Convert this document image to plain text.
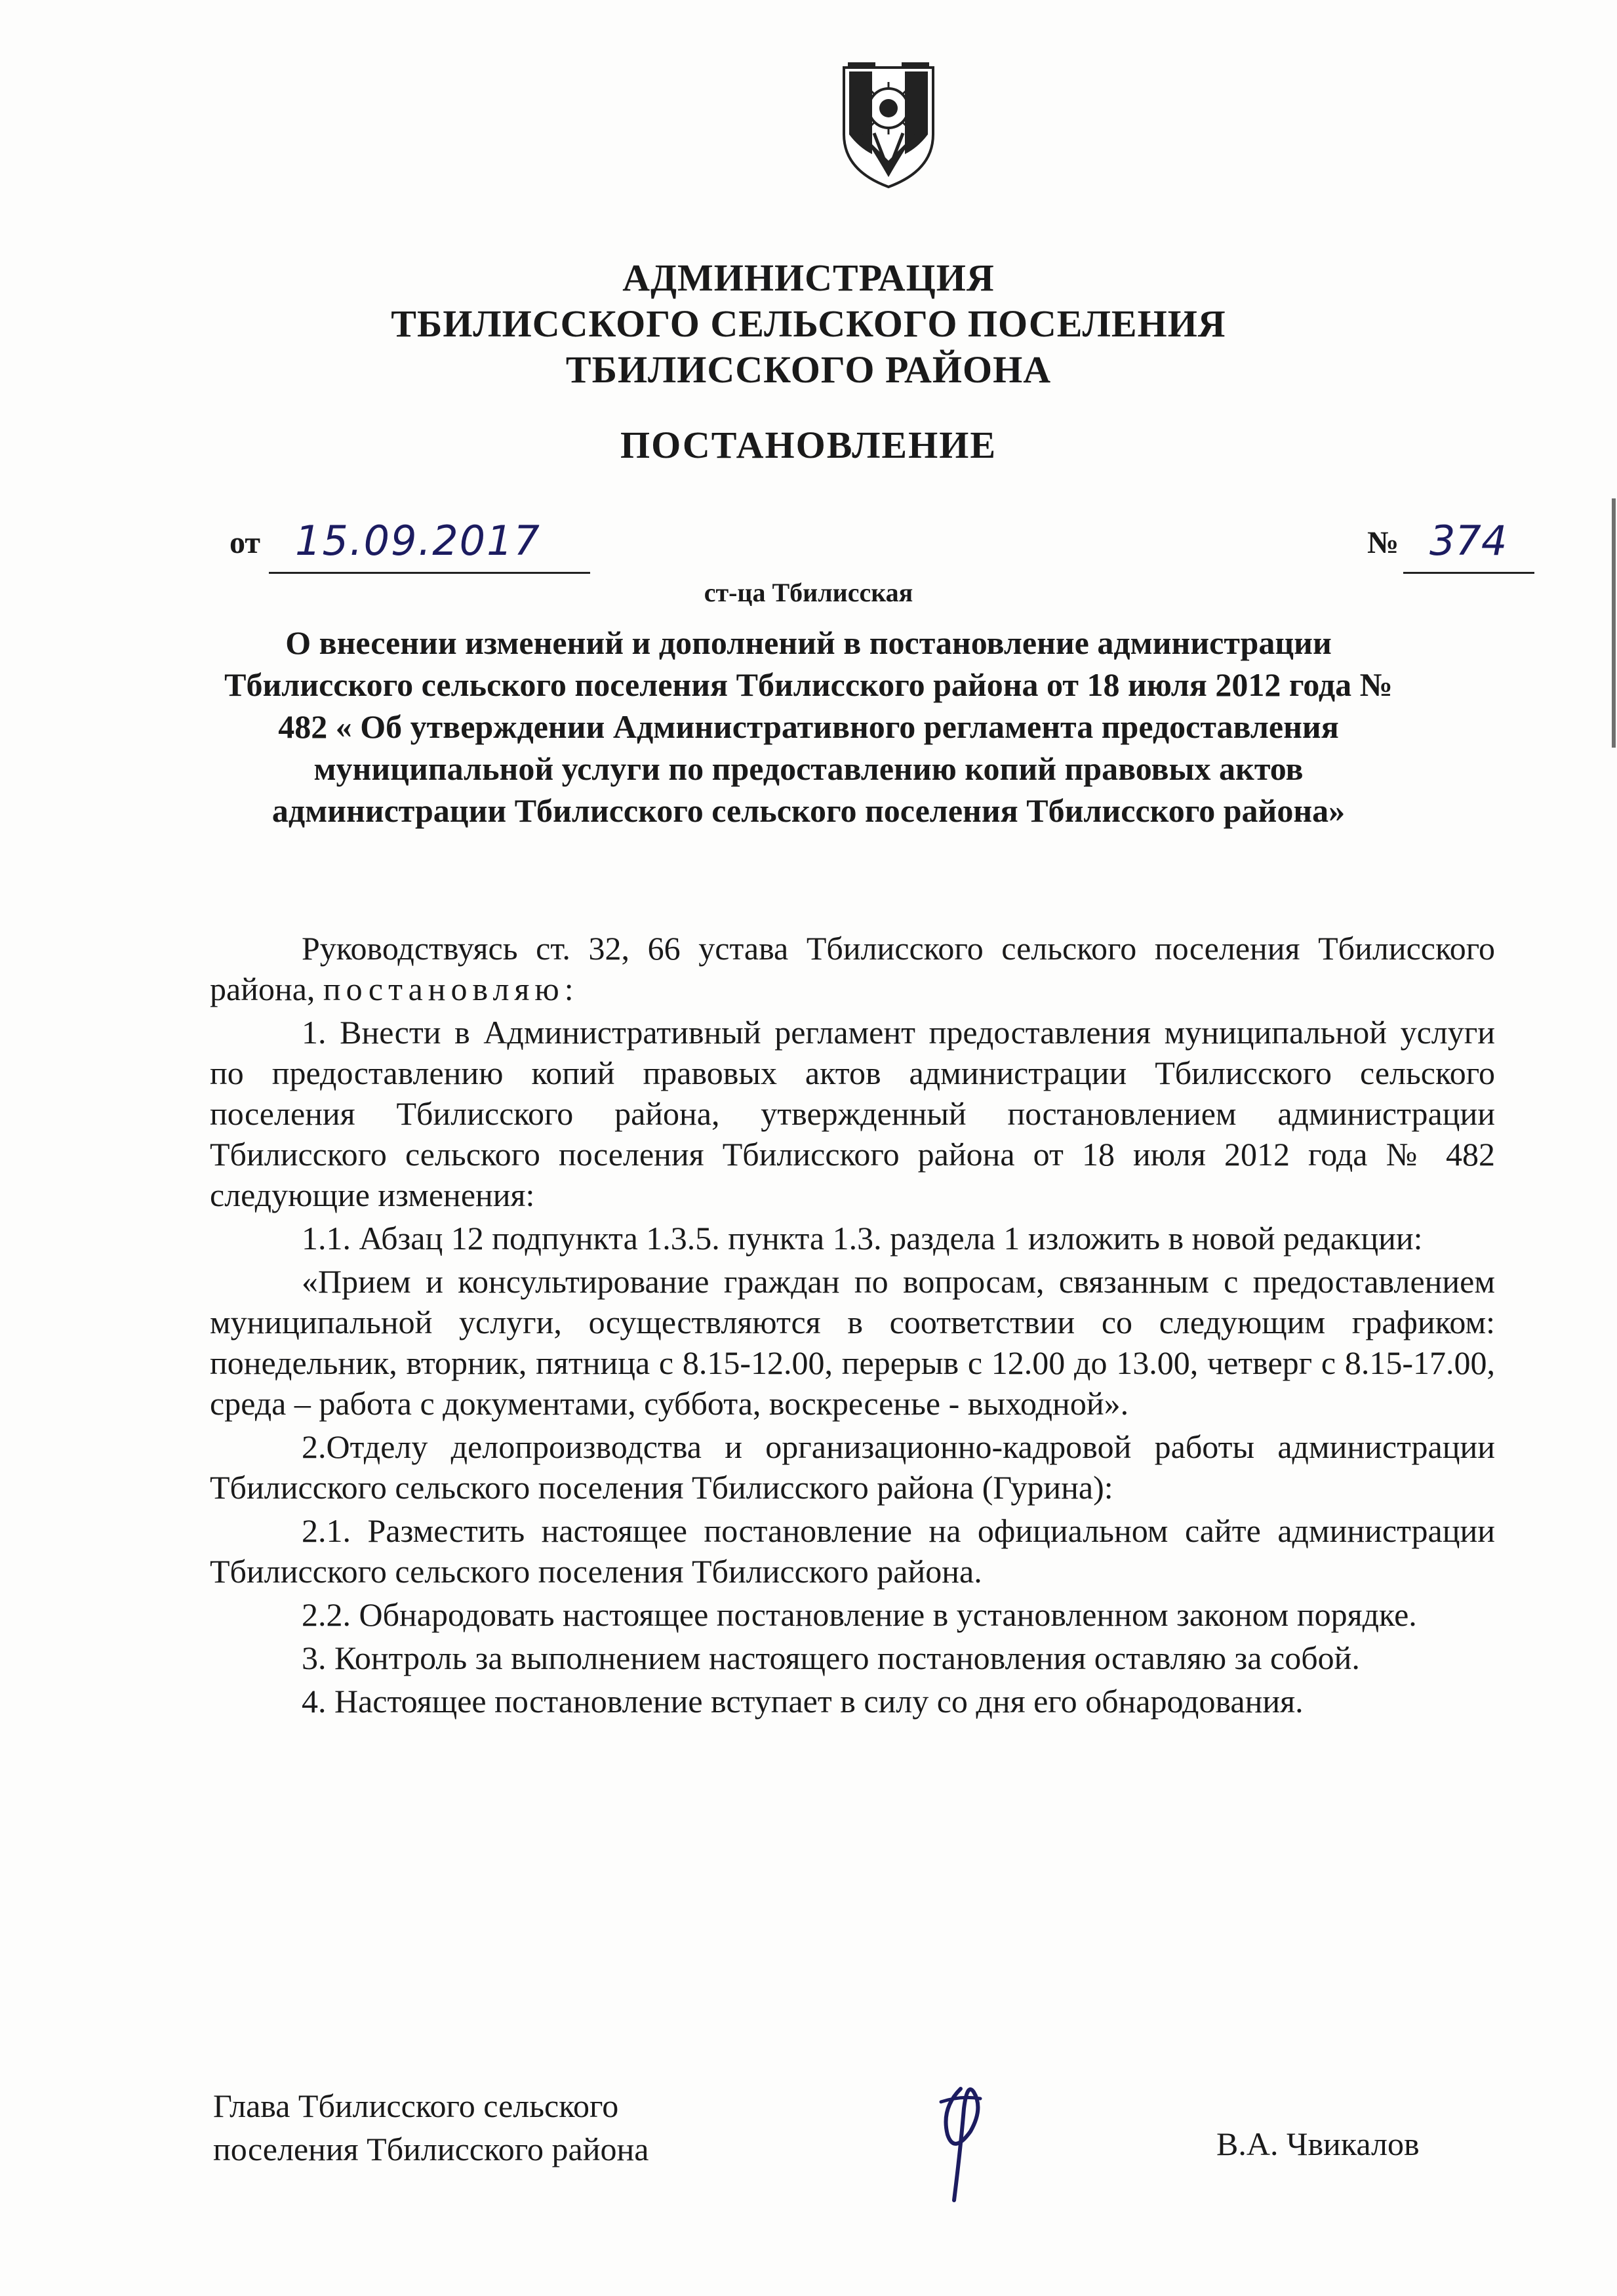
АДМИНИСТРАЦИЯ
ТБИЛИССКОГО СЕЛЬСКОГО ПОСЕЛЕНИЯ
ТБИЛИССКОГО РАЙОНА
ПОСТАНОВЛЕНИЕ
от 15.09.2017	№ 374
ст-ца Тбилисская
О внесении изменений и дополнений в постановление администрации Тбилисского сельского поселения Тбилисского района от 18 июля 2012 года № 482 « Об утверждении Административного регламента предоставления муниципальной услуги по предоставлению копий правовых актов администрации Тбилисского сельского поселения Тбилисского района»

Руководствуясь ст. 32, 66 устава Тбилисского сельского поселения Тбилисского района, постановляю:

1. Внести в Административный регламент предоставления муниципальной услуги по предоставлению копий правовых актов администрации Тбилисского сельского поселения Тбилисского района, утвержденный постановлением администрации Тбилисского сельского поселения Тбилисского района от 18 июля 2012 года № 482 следующие изменения:

1.1. Абзац 12 подпункта 1.3.5. пункта 1.3. раздела 1 изложить в новой редакции:

«Прием и консультирование граждан по вопросам, связанным с предоставлением муниципальной услуги, осуществляются в соответствии со следующим графиком: понедельник, вторник, пятница с 8.15-12.00, перерыв с 12.00 до 13.00, четверг с 8.15-17.00, среда – работа с документами, суббота, воскресенье - выходной».

2.Отделу делопроизводства и организационно-кадровой работы администрации Тбилисского сельского поселения Тбилисского района (Гурина):

2.1. Разместить настоящее постановление на официальном сайте администрации Тбилисского сельского поселения Тбилисского района.

2.2. Обнародовать настоящее постановление в установленном законом порядке.

3. Контроль за выполнением настоящего постановления оставляю за собой.

4. Настоящее постановление вступает в силу со дня его обнародования.

Глава Тбилисского сельского
поселения Тбилисского района	В.А. Чвикалов
